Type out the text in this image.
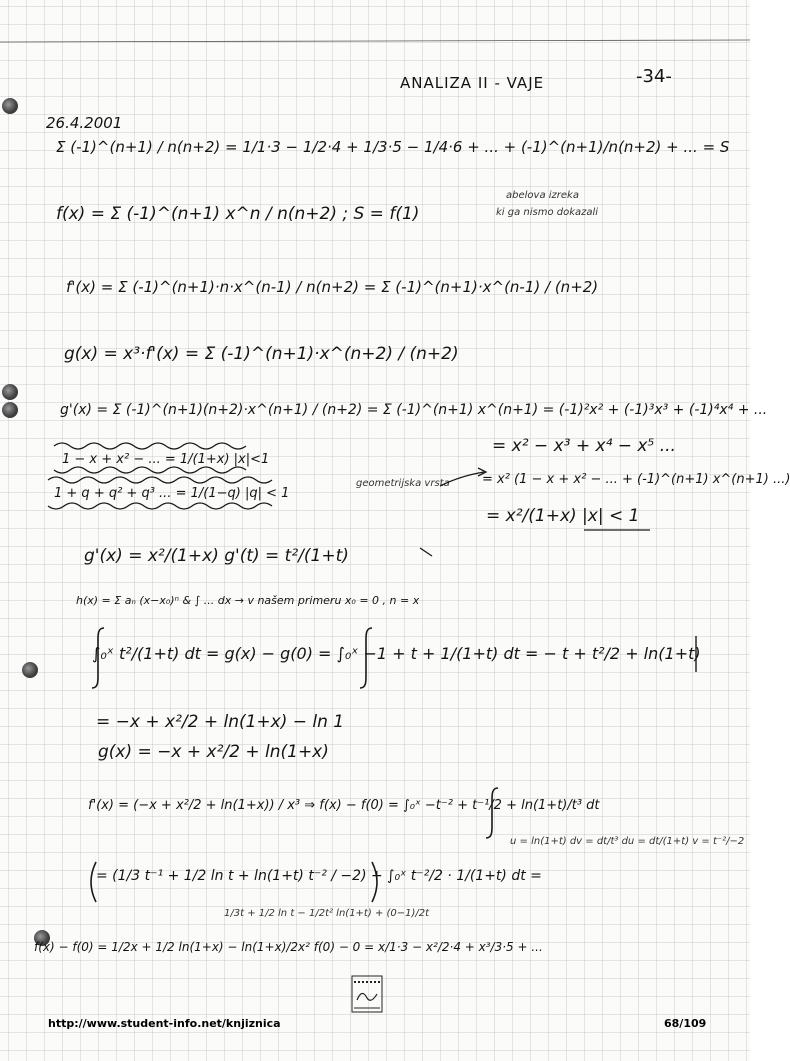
ANALIZA II - VAJE	-34-
26.4.2001
Σ (-1)^(n+1) / n(n+2) = 1/1·3 − 1/2·4 + 1/3·5 − 1/4·6 + ... + (-1)^(n+1)/n(n+2) + ... = S
f(x) = Σ (-1)^(n+1) x^n / n(n+2) ; S = f(1)
abelova izreka
ki ga nismo dokazali
f'(x) = Σ (-1)^(n+1)·n·x^(n-1) / n(n+2) = Σ (-1)^(n+1)·x^(n-1) / (n+2)
g(x) = x³·f'(x) = Σ (-1)^(n+1)·x^(n+2) / (n+2)
g'(x) = Σ (-1)^(n+1)(n+2)·x^(n+1) / (n+2) = Σ (-1)^(n+1) x^(n+1) = (-1)²x² + (-1)³x³ + (-1)⁴x⁴ + ...
= x² − x³ + x⁴ − x⁵ ...
= x² (1 − x + x² − ... + (-1)^(n+1) x^(n+1) ...)
= x²/(1+x) |x| < 1
1 − x + x² − ... = 1/(1+x) |x|<1
1 + q + q² + q³ ... = 1/(1−q) |q| < 1
geometrijska vrsta
g'(x) = x²/(1+x) g'(t) = t²/(1+t)
h(x) = Σ aₙ (x−x₀)ⁿ & ∫ ... dx → v našem primeru x₀ = 0 , n = x
∫₀ˣ t²/(1+t) dt = g(x) − g(0) = ∫₀ˣ −1 + t + 1/(1+t) dt = − t + t²/2 + ln(1+t)
= −x + x²/2 + ln(1+x) − ln 1
g(x) = −x + x²/2 + ln(1+x)
f'(x) = (−x + x²/2 + ln(1+x)) / x³ ⇒ f(x) − f(0) = ∫₀ˣ −t⁻² + t⁻¹/2 + ln(1+t)/t³ dt
u = ln(1+t) dv = dt/t³ du = dt/(1+t) v = t⁻²/−2
= (1/3 t⁻¹ + 1/2 ln t + ln(1+t) t⁻² / −2) + ∫₀ˣ t⁻²/2 · 1/(1+t) dt =
1/3t + 1/2 ln t − 1/2t² ln(1+t) + (0−1)/2t
f(x) − f(0) = 1/2x + 1/2 ln(1+x) − ln(1+x)/2x² f(0) − 0 = x/1·3 − x²/2·4 + x³/3·5 + ...
http://www.student-info.net/knjiznica	68/109
